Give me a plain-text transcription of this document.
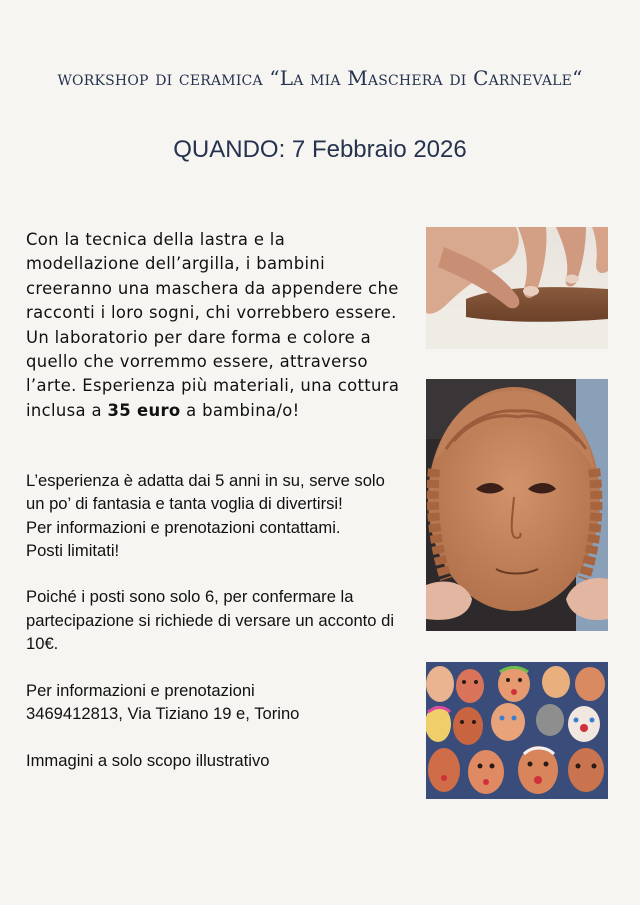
workshop di ceramica “La mia Maschera di Carnevale“
QUANDO: 7 Febbraio 2026
Con la tecnica della lastra e la modellazione dell’argilla, i bambini creeranno una maschera da appendere che racconti i loro sogni, chi vorrebbero essere. Un laboratorio per dare forma e colore a quello che vorremmo essere, attraverso l’arte. Esperienza più materiali, una cottura inclusa a 35 euro a bambina/o!

L’esperienza è adatta dai 5 anni in su, serve solo un po’ di fantasia e tanta voglia di divertirsi!
Per informazioni e prenotazioni contattami.
Posti limitati!

Poiché i posti sono solo 6, per confermare la partecipazione si richiede di versare un acconto di 10€.

Per informazioni e prenotazioni
3469412813, Via Tiziano 19 e, Torino

Immagini a solo scopo illustrativo
